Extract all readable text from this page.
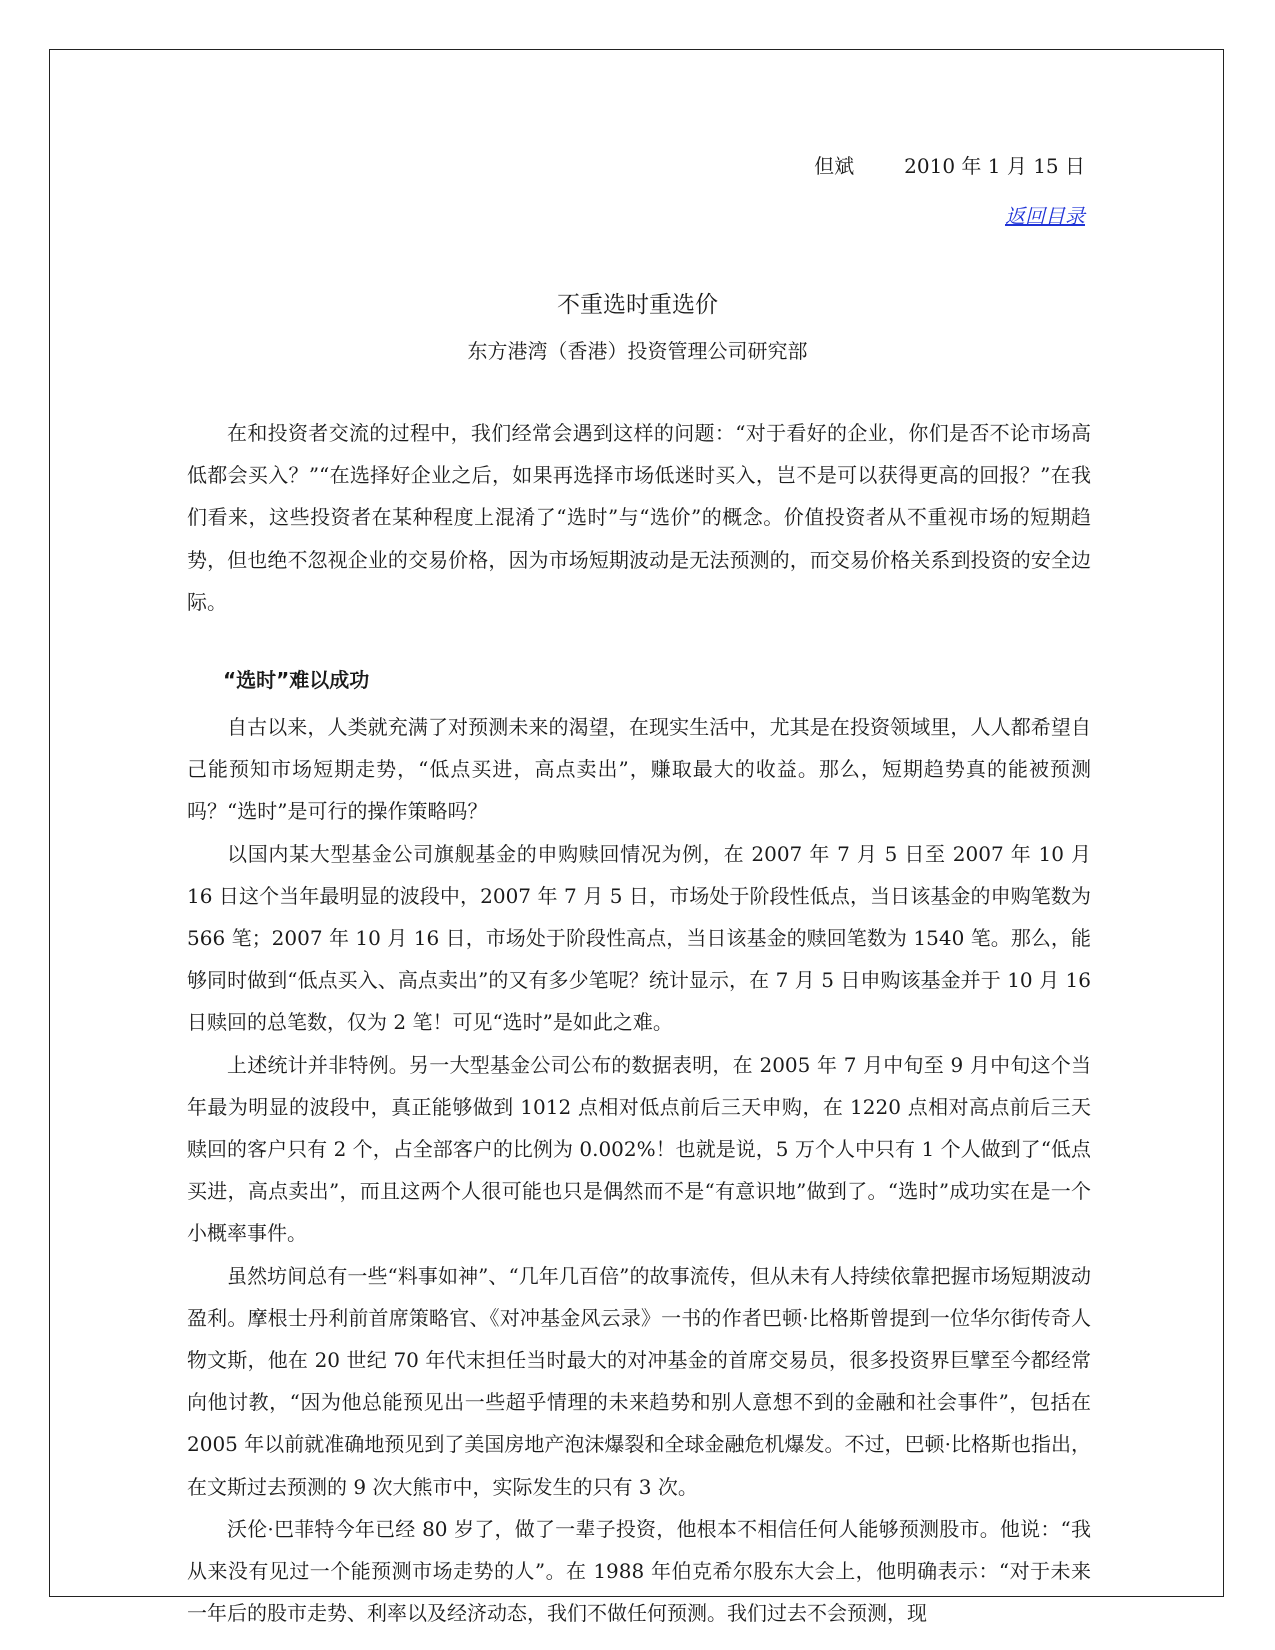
但斌	2010 年 1 月 15 日
返回目录
不重选时重选价
东方港湾（香港）投资管理公司研究部

在和投资者交流的过程中，我们经常会遇到这样的问题：“对于看好的企业，你们是否不论市场高低都会买入？”“在选择好企业之后，如果再选择市场低迷时买入，岂不是可以获得更高的回报？”在我们看来，这些投资者在某种程度上混淆了“选时”与“选价”的概念。价值投资者从不重视市场的短期趋势，但也绝不忽视企业的交易价格，因为市场短期波动是无法预测的，而交易价格关系到投资的安全边际。

“选时”难以成功

自古以来，人类就充满了对预测未来的渴望，在现实生活中，尤其是在投资领域里，人人都希望自己能预知市场短期走势，“低点买进，高点卖出”，赚取最大的收益。那么，短期趋势真的能被预测吗？“选时”是可行的操作策略吗？

以国内某大型基金公司旗舰基金的申购赎回情况为例，在 2007 年 7 月 5 日至 2007 年 10 月 16 日这个当年最明显的波段中，2007 年 7 月 5 日，市场处于阶段性低点，当日该基金的申购笔数为 566 笔；2007 年 10 月 16 日，市场处于阶段性高点，当日该基金的赎回笔数为 1540 笔。那么，能够同时做到“低点买入、高点卖出”的又有多少笔呢？统计显示，在 7 月 5 日申购该基金并于 10 月 16 日赎回的总笔数，仅为 2 笔！可见“选时”是如此之难。

上述统计并非特例。另一大型基金公司公布的数据表明，在 2005 年 7 月中旬至 9 月中旬这个当年最为明显的波段中，真正能够做到 1012 点相对低点前后三天申购，在 1220 点相对高点前后三天赎回的客户只有 2 个，占全部客户的比例为 0.002%！也就是说，5 万个人中只有 1 个人做到了“低点买进，高点卖出”，而且这两个人很可能也只是偶然而不是“有意识地”做到了。“选时”成功实在是一个小概率事件。

虽然坊间总有一些“料事如神”、“几年几百倍”的故事流传，但从未有人持续依靠把握市场短期波动盈利。摩根士丹利前首席策略官、《对冲基金风云录》一书的作者巴顿·比格斯曾提到一位华尔街传奇人物文斯，他在 20 世纪 70 年代末担任当时最大的对冲基金的首席交易员，很多投资界巨擘至今都经常向他讨教，“因为他总能预见出一些超乎情理的未来趋势和别人意想不到的金融和社会事件”，包括在 2005 年以前就准确地预见到了美国房地产泡沫爆裂和全球金融危机爆发。不过，巴顿·比格斯也指出，在文斯过去预测的 9 次大熊市中，实际发生的只有 3 次。

沃伦·巴菲特今年已经 80 岁了，做了一辈子投资，他根本不相信任何人能够预测股市。他说：“我从来没有见过一个能预测市场走势的人”。在 1988 年伯克希尔股东大会上，他明确表示：“对于未来一年后的股市走势、利率以及经济动态，我们不做任何预测。我们过去不会预测，现
